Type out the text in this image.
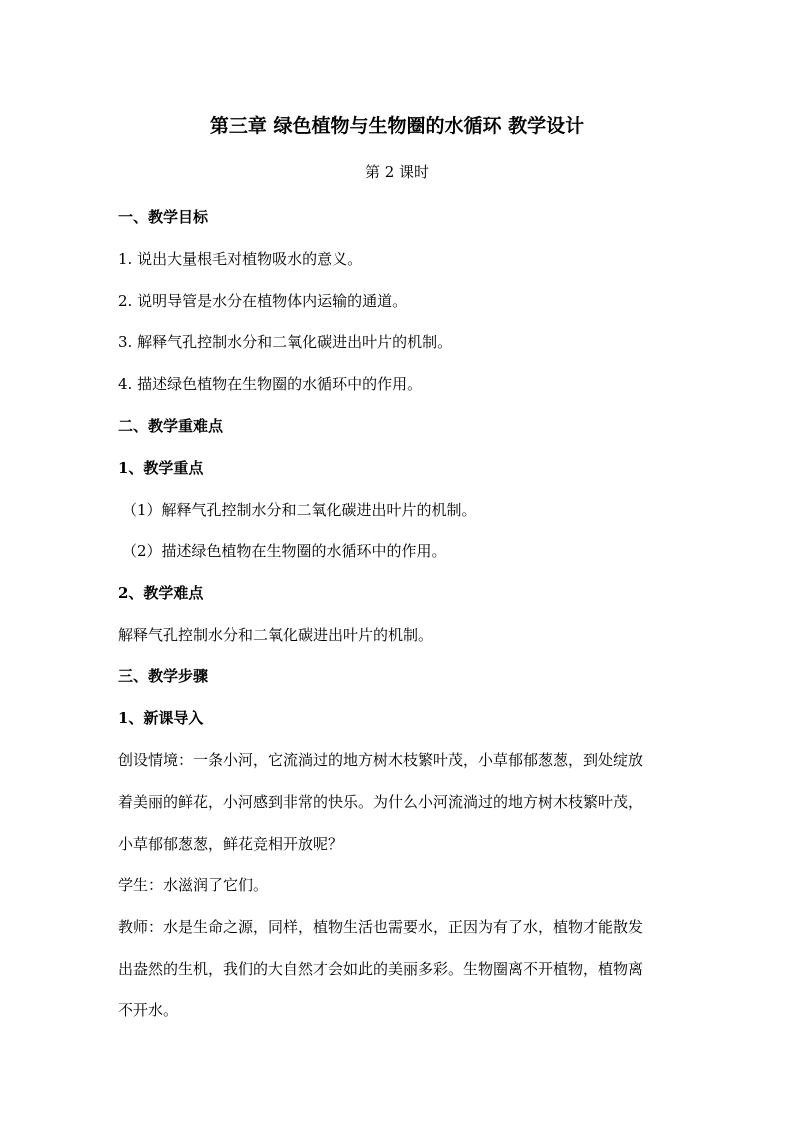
第三章 绿色植物与生物圈的水循环 教学设计
第 2 课时
一、教学目标
1. 说出大量根毛对植物吸水的意义。
2. 说明导管是水分在植物体内运输的通道。
3. 解释气孔控制水分和二氧化碳进出叶片的机制。
4. 描述绿色植物在生物圈的水循环中的作用。
二、教学重难点
1、教学重点
（1）解释气孔控制水分和二氧化碳进出叶片的机制。
（2）描述绿色植物在生物圈的水循环中的作用。
2、教学难点
解释气孔控制水分和二氧化碳进出叶片的机制。
三、教学步骤
1、新课导入
创设情境：一条小河，它流淌过的地方树木枝繁叶茂，小草郁郁葱葱，到处绽放
着美丽的鲜花，小河感到非常的快乐。为什么小河流淌过的地方树木枝繁叶茂，
小草郁郁葱葱，鲜花竞相开放呢？
学生：水滋润了它们。
教师：水是生命之源，同样，植物生活也需要水，正因为有了水，植物才能散发
出盎然的生机，我们的大自然才会如此的美丽多彩。生物圈离不开植物，植物离
不开水。
